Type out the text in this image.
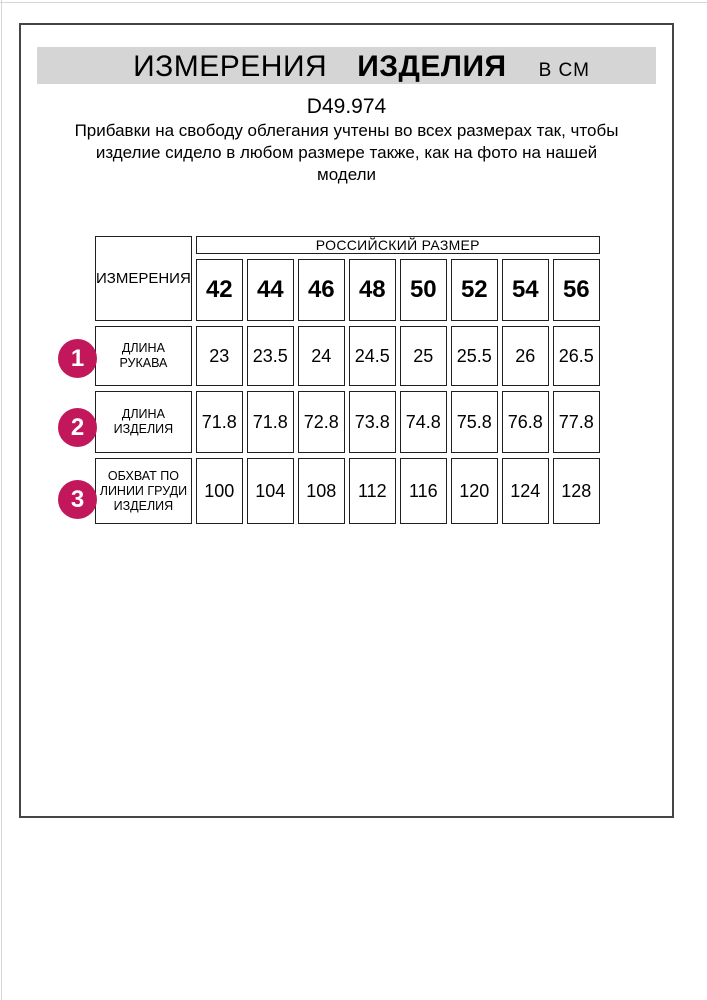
ИЗМЕРЕНИЯ ИЗДЕЛИЯ В СМ
D49.974
Прибавки на свободу облегания учтены во всех размерах так, чтобы
изделие сидело в любом размере также, как на фото на нашей
модели
ИЗМЕРЕНИЯ	РОССИЙСКИЙ РАЗМЕР							
	42	44	46	48	50	52	54	56
ДЛИНА РУКАВА	23	23.5	24	24.5	25	25.5	26	26.5
ДЛИНА ИЗДЕЛИЯ	71.8	71.8	72.8	73.8	74.8	75.8	76.8	77.8
ОБХВАТ ПО ЛИНИИ ГРУДИ ИЗДЕЛИЯ	100	104	108	112	116	120	124	128
1
2
3
